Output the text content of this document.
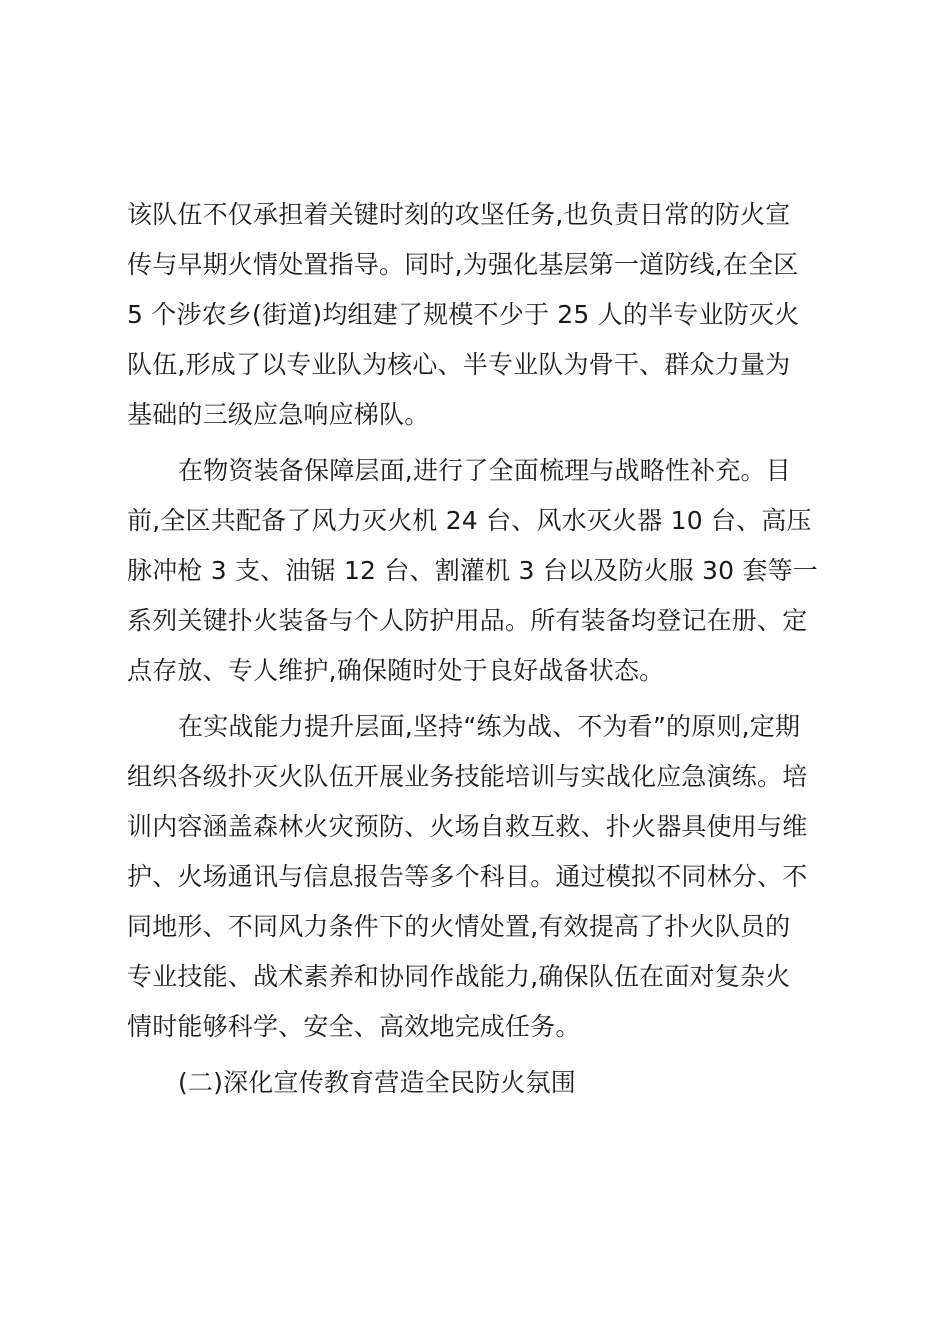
该队伍不仅承担着关键时刻的攻坚任务,也负责日常的防火宣
传与早期火情处置指导。同时,为强化基层第一道防线,在全区
5 个涉农乡(街道)均组建了规模不少于 25 人的半专业防灭火
队伍,形成了以专业队为核心、半专业队为骨干、群众力量为
基础的三级应急响应梯队。
在物资装备保障层面,进行了全面梳理与战略性补充。目
前,全区共配备了风力灭火机 24 台、风水灭火器 10 台、高压
脉冲枪 3 支、油锯 12 台、割灌机 3 台以及防火服 30 套等一
系列关键扑火装备与个人防护用品。所有装备均登记在册、定
点存放、专人维护,确保随时处于良好战备状态。
在实战能力提升层面,坚持“练为战、不为看”的原则,定期
组织各级扑灭火队伍开展业务技能培训与实战化应急演练。培
训内容涵盖森林火灾预防、火场自救互救、扑火器具使用与维
护、火场通讯与信息报告等多个科目。通过模拟不同林分、不
同地形、不同风力条件下的火情处置,有效提高了扑火队员的
专业技能、战术素养和协同作战能力,确保队伍在面对复杂火
情时能够科学、安全、高效地完成任务。
(二)深化宣传教育营造全民防火氛围
